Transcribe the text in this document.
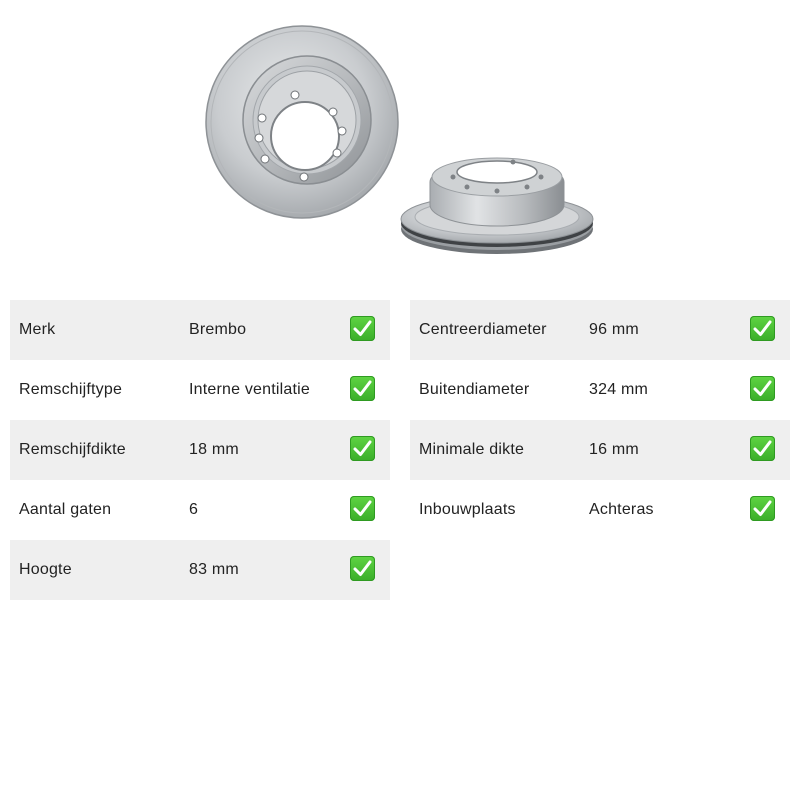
Merk	Brembo
Remschijftype	Interne ventilatie
Remschijfdikte	18 mm
Aantal gaten	6
Hoogte	83 mm
Centreerdiameter	96 mm
Buitendiameter	324 mm
Minimale dikte	16 mm
Inbouwplaats	Achteras
